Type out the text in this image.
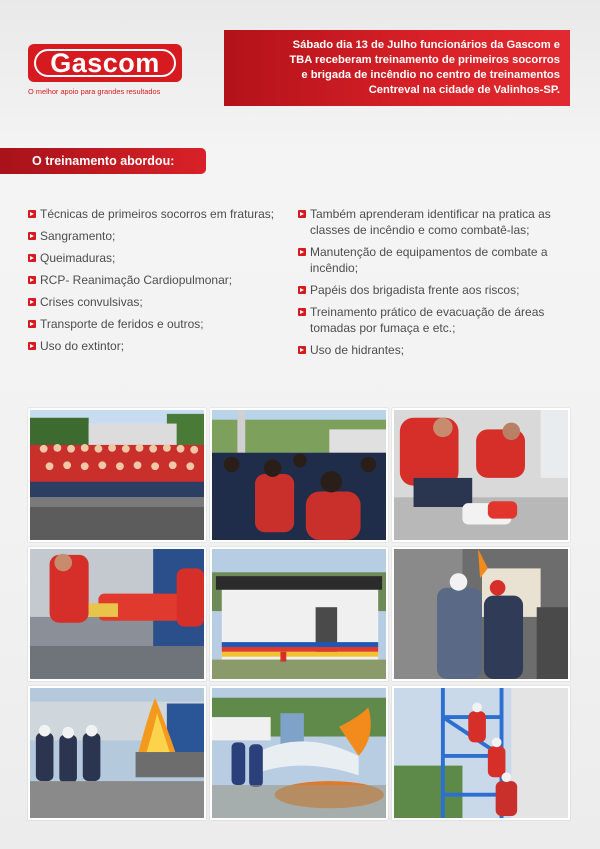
Gascom
O melhor apoio para grandes resultados
Sábado dia 13 de Julho funcionários da Gascom e
TBA receberam treinamento de primeiros socorros
e brigada de incêndio no centro de treinamentos
Centreval na cidade de Valinhos-SP.
O treinamento abordou:
Técnicas de primeiros socorros em fraturas;
Sangramento;
Queimaduras;
RCP- Reanimação Cardiopulmonar;
Crises convulsivas;
Transporte de feridos e outros;
Uso do extintor;
Também aprenderam identificar na pratica as classes de incêndio e como combatê-las;
Manutenção de equipamentos de combate a incêndio;
Papéis dos brigadista frente aos riscos;
Treinamento prático de evacuação de áreas tomadas por fumaça e etc.;
Uso de hidrantes;
